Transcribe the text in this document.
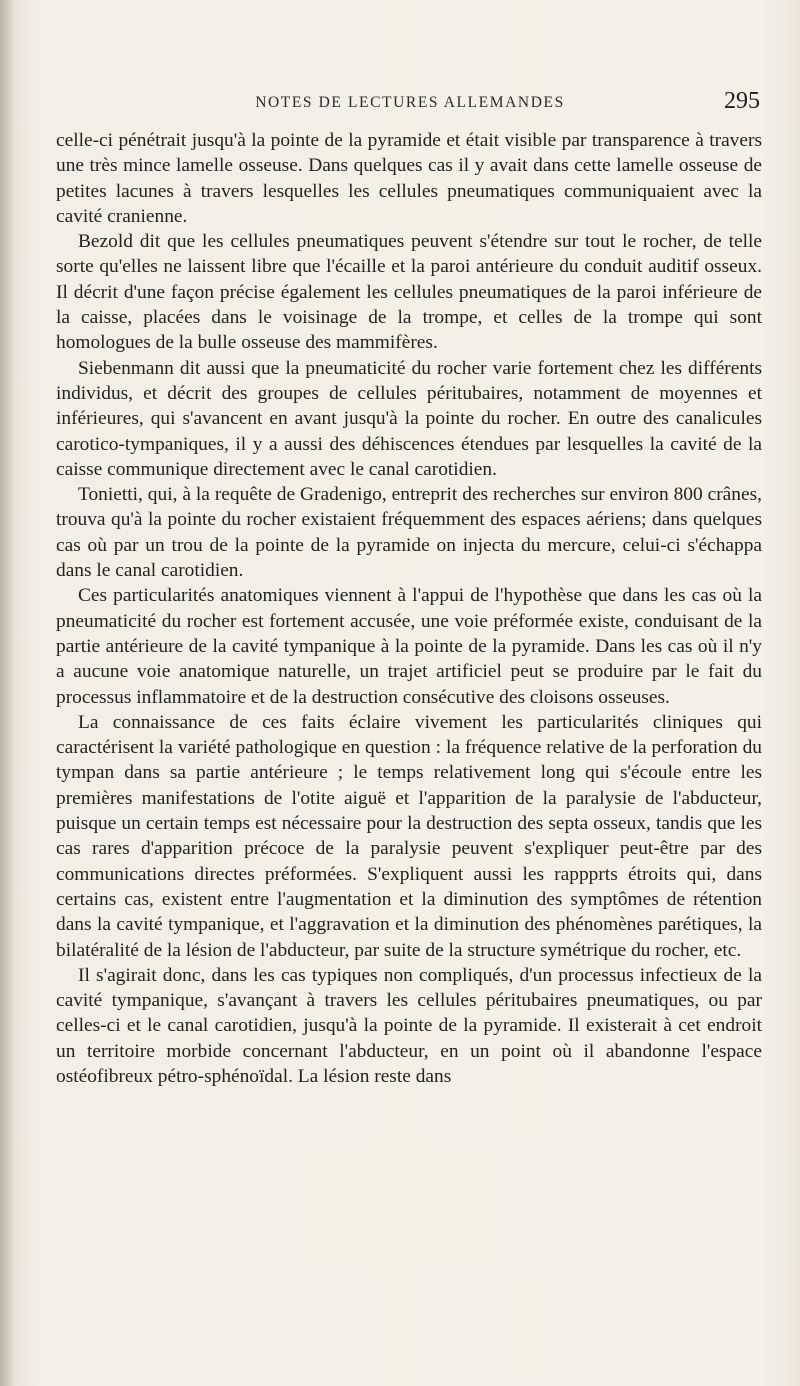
NOTES DE LECTURES ALLEMANDES	295

celle-ci pénétrait jusqu'à la pointe de la pyramide et était visible par transparence à travers une très mince lamelle osseuse. Dans quelques cas il y avait dans cette lamelle osseuse de petites lacunes à travers lesquelles les cellules pneumatiques communiquaient avec la cavité cranienne.

Bezold dit que les cellules pneumatiques peuvent s'étendre sur tout le rocher, de telle sorte qu'elles ne laissent libre que l'écaille et la paroi antérieure du conduit auditif osseux. Il décrit d'une façon précise également les cellules pneumatiques de la paroi inférieure de la caisse, placées dans le voisinage de la trompe, et celles de la trompe qui sont homologues de la bulle osseuse des mammifères.

Siebenmann dit aussi que la pneumaticité du rocher varie fortement chez les différents individus, et décrit des groupes de cellules péritubaires, notamment de moyennes et inférieures, qui s'avancent en avant jusqu'à la pointe du rocher. En outre des canalicules carotico-tympaniques, il y a aussi des déhiscences étendues par lesquelles la cavité de la caisse communique directement avec le canal carotidien.

Tonietti, qui, à la requête de Gradenigo, entreprit des recherches sur environ 800 crânes, trouva qu'à la pointe du rocher existaient fréquemment des espaces aériens; dans quelques cas où par un trou de la pointe de la pyramide on injecta du mercure, celui-ci s'échappa dans le canal carotidien.

Ces particularités anatomiques viennent à l'appui de l'hypothèse que dans les cas où la pneumaticité du rocher est fortement accusée, une voie préformée existe, conduisant de la partie antérieure de la cavité tympanique à la pointe de la pyramide. Dans les cas où il n'y a aucune voie anatomique naturelle, un trajet artificiel peut se produire par le fait du processus inflammatoire et de la destruction consécutive des cloisons osseuses.

La connaissance de ces faits éclaire vivement les particularités cliniques qui caractérisent la variété pathologique en question : la fréquence relative de la perforation du tympan dans sa partie antérieure ; le temps relativement long qui s'écoule entre les premières manifestations de l'otite aiguë et l'apparition de la paralysie de l'abducteur, puisque un certain temps est nécessaire pour la destruction des septa osseux, tandis que les cas rares d'apparition précoce de la paralysie peuvent s'expliquer peut-être par des communications directes préformées. S'expliquent aussi les rappprts étroits qui, dans certains cas, existent entre l'augmentation et la diminution des symptômes de rétention dans la cavité tympanique, et l'aggravation et la diminution des phénomènes parétiques, la bilatéralité de la lésion de l'abducteur, par suite de la structure symétrique du rocher, etc.

Il s'agirait donc, dans les cas typiques non compliqués, d'un processus infectieux de la cavité tympanique, s'avançant à travers les cellules péritubaires pneumatiques, ou par celles-ci et le canal carotidien, jusqu'à la pointe de la pyramide. Il existerait à cet endroit un territoire morbide concernant l'abducteur, en un point où il abandonne l'espace ostéofibreux pétro-sphénoïdal. La lésion reste dans
